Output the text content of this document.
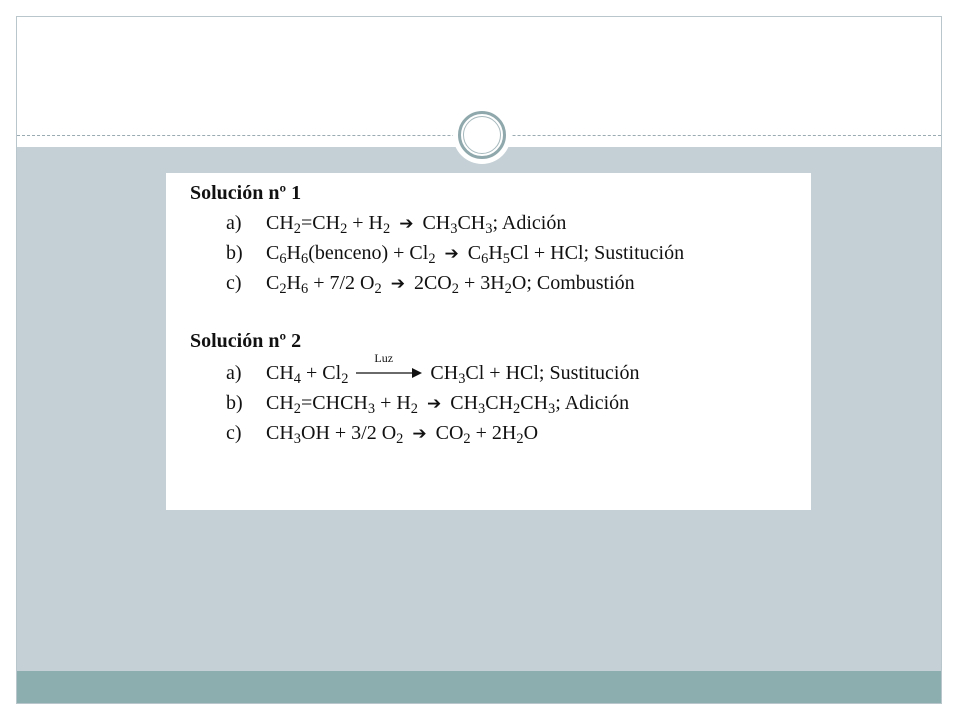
Solución nº 1
a) $CH_2=CH_2 + H_2$ ➔ $CH_3CH_3$; Adición
b) $C_6H_6(benceno) + Cl_2$ ➔ $C_6H_5Cl$ + HCl; Sustitución
c) $C_2H_6 + 7/2$ $O_2$ ➔ $2CO_2 + 3H_2O$; Combustión
Solución nº 2
a) $CH_4 + Cl_2$
Luz
$CH_3Cl$ + HCl; Sustitución
b) $CH_2=CHCH_3 + H_2$ ➔ $CH_3CH_2CH_3$; Adición
c) $CH_3OH + 3/2$ $O_2$ ➔ $CO_2 + 2H_2O$
